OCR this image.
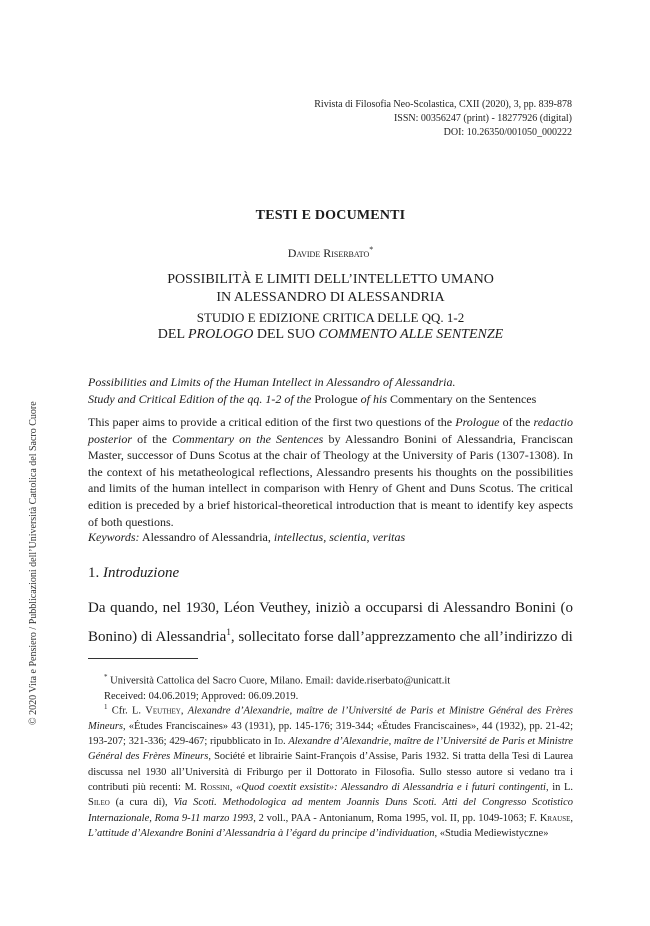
Rivista di Filosofia Neo-Scolastica, CXII (2020), 3, pp. 839-878
ISSN: 00356247 (print) - 18277926 (digital)
DOI: 10.26350/001050_000222
© 2020 Vita e Pensiero / Pubblicazioni dell’Università Cattolica del Sacro Cuore
TESTI E DOCUMENTI
Davide Riserbato*
POSSIBILITÀ E LIMITI DELL’INTELLETTO UMANO
IN ALESSANDRO DI ALESSANDRIA
STUDIO E EDIZIONE CRITICA DELLE QQ. 1-2
DEL PROLOGO DEL SUO COMMENTO ALLE SENTENZE
Possibilities and Limits of the Human Intellect in Alessandro of Alessandria.
Study and Critical Edition of the qq. 1-2 of the Prologue of his Commentary on the Sentences
This paper aims to provide a critical edition of the first two questions of the Prologue of the redactio posterior of the Commentary on the Sentences by Alessandro Bonini of Alessandria, Franciscan Master, successor of Duns Scotus at the chair of Theology at the University of Paris (1307-1308). In the context of his metatheological reflections, Alessandro presents his thoughts on the possibilities and limits of the human intellect in comparison with Henry of Ghent and Duns Scotus. The critical edition is preceded by a brief historical-theoretical introduction that is meant to identify key aspects of both questions.
Keywords: Alessandro of Alessandria, intellectus, scientia, veritas
1. Introduzione
Da quando, nel 1930, Léon Veuthey, iniziò a occuparsi di Alessandro Bonini (o Bonino) di Alessandria$^1$, sollecitato forse dall’apprezzamento che all’indirizzo di
* Università Cattolica del Sacro Cuore, Milano. Email: davide.riserbato@unicatt.it
Received: 04.06.2019; Approved: 06.09.2019.
$^1$ Cfr. L. Veuthey, Alexandre d’Alexandrie, maître de l’Université de Paris et Ministre Général des Frères Mineurs, «Études Franciscaines» 43 (1931), pp. 145-176; 319-344; «Études Franciscaines», 44 (1932), pp. 21-42; 193-207; 321-336; 429-467; ripubblicato in Id. Alexandre d’Alexandrie, maître de l’Université de Paris et Ministre Général des Frères Mineurs, Société et librairie Saint-François d’Assise, Paris 1932. Si tratta della Tesi di Laurea discussa nel 1930 all’Università di Friburgo per il Dottorato in Filosofia. Sullo stesso autore si vedano tra i contributi più recenti: M. Rossini, «Quod coextit exsistit»: Alessandro di Alessandria e i futuri contingenti, in L. Sileo (a cura di), Via Scoti. Methodologica ad mentem Joannis Duns Scoti. Atti del Congresso Scotistico Internazionale, Roma 9-11 marzo 1993, 2 voll., PAA - Antonianum, Roma 1995, vol. II, pp. 1049-1063; F. Krause, L’attitude d’Alexandre Bonini d’Alessandria à l’égard du principe d’individuation, «Studia Mediewistyczne»
